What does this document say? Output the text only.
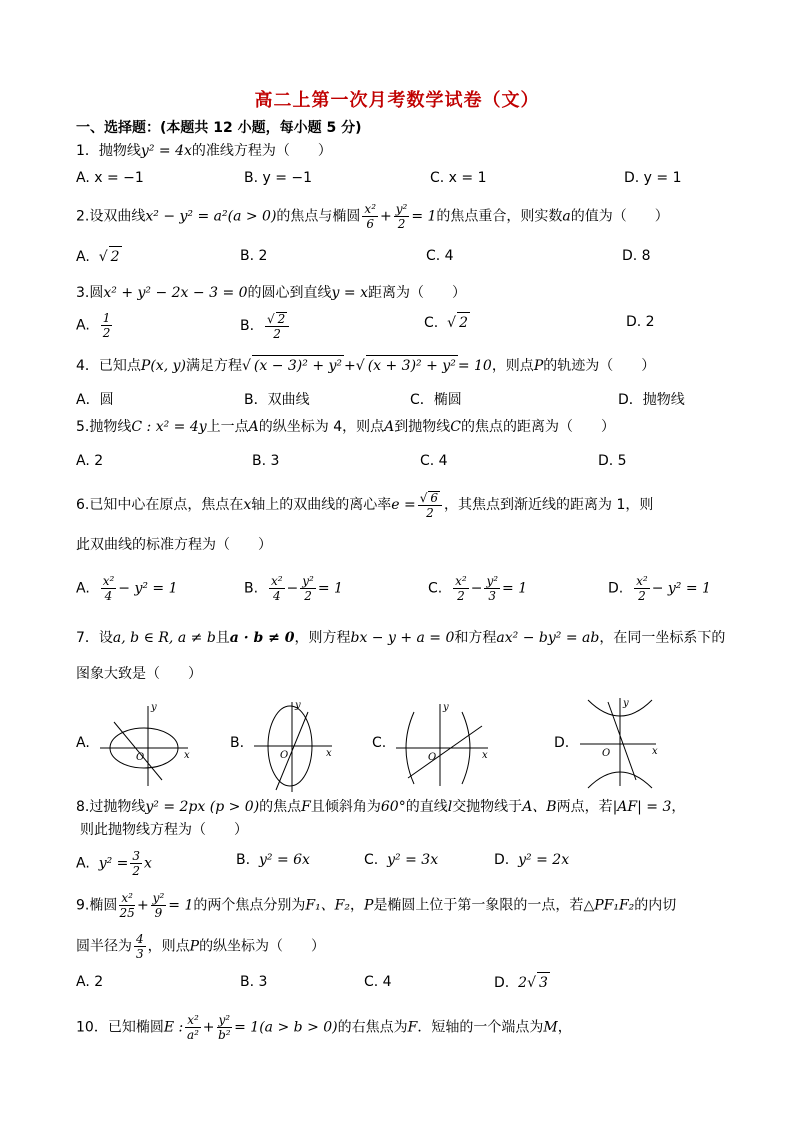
高二上第一次月考数学试卷（文）
一、选择题：(本题共 12 小题，每小题 5 分)
1．抛物线y² = 4x的准线方程为（　　）
A. x = −1	B. y = −1	C. x = 1	D. y = 1
2.设双曲线x² − y² = a²(a > 0)的焦点与椭圆 $\frac{\text{x²}}{6} + \frac{\text{y²}}{2} = 1$的焦点重合，则实数a的值为（　　）
A. √ 2	B. 2	C. 4	D. 8
3.圆x² + y² − 2x − 3 = 0的圆心到直线y = x距离为（　　）
A. $\frac{1}{2}$	B. $\frac{√ 2}{2}$	C.  √ 2	D. 2
4．已知点P(x, y)满足方程√ (x − 3)² + y² +√ (x + 3)² + y² = 10，则点P的轨迹为（　　）
A．圆	B．双曲线	C．椭圆	D．抛物线
5.抛物线C : x² = 4y上一点A的纵坐标为 4，则点A到抛物线C的焦点的距离为（　　）
A. 2	B. 3	C. 4	D. 5
6.已知中心在原点，焦点在x轴上的双曲线的离心率$e = \frac{√ 6}{2}$ ，其焦点到渐近线的距离为 1，则
此双曲线的标准方程为（　　）
A. $\frac{\text{x²}}{4} - y^2 = 1$	B. $\frac{\text{x²}}{4} - \frac{\text{y²}}{2} = 1$	C. $\frac{\text{x²}}{2} - \frac{\text{y²}}{3} = 1$	D. $\frac{\text{x²}}{2} - y^2 = 1$
7．设a, b ∈ R, a ≠ b且a · b ≠ 0，则方程bx − y + a = 0和方程ax² − by² = ab，在同一坐标系下的
图象大致是（　　）
A.
y
x
O
B.
y
x
O
C.
y
x
O
D.
y
x
O
8.过抛物线y² = 2px (p > 0)的焦点F且倾斜角为60°的直线l交抛物线于A、B两点，若|AF| = 3，
则此抛物线方程为（　　）
A. $y^2 = \frac{3}{2}$ x	B. y² = 6x	C. y² = 3x	D. y² = 2x
9.椭圆 $\frac{\text{x²}}{25} + \frac{\text{y²}}{9} = 1$的两个焦点分别为F₁、F₂，P是椭圆上位于第一象限的一点，若△PF₁F₂的内切
圆半径为 $\frac{4}{3}$ ，则点P的纵坐标为（　　）
A. 2	B. 3	C. 4	D. 2√ 3
10．已知椭圆E : $\frac{\text{x²}}{\text{a²}} + \frac{\text{y²}}{\text{b²}} = 1(a > b > 0)$的右焦点为F．短轴的一个端点为M，
